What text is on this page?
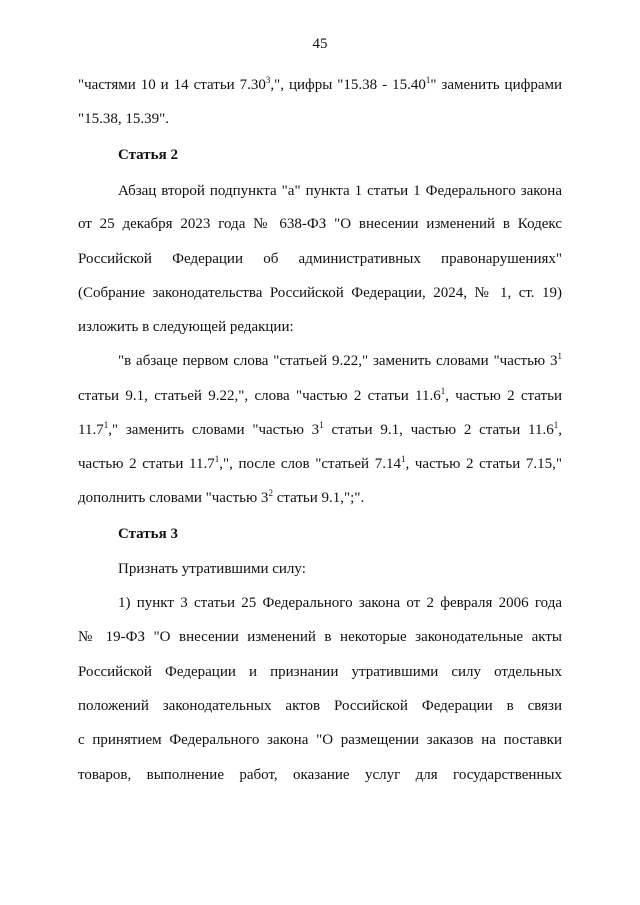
45
"частями 10 и 14 статьи 7.30$^3$,", цифры "15.38 - 15.40$^1$" заменить цифрами
"15.38, 15.39".
Статья 2
Абзац второй подпункта "а" пункта 1 статьи 1 Федерального закона
от 25 декабря 2023 года № 638-ФЗ "О внесении изменений в Кодекс
Российской Федерации об административных правонарушениях"
(Собрание законодательства Российской Федерации, 2024, № 1, ст. 19)
изложить в следующей редакции:
"в абзаце первом слова "статьей 9.22," заменить словами "частью $3^1$
статьи 9.1, статьей 9.22,", слова "частью 2 статьи 11.6$^1$, частью 2 статьи
11.7$^1$," заменить словами "частью $3^1$ статьи 9.1, частью 2 статьи 11.6$^1$,
частью 2 статьи 11.7$^1$,", после слов "статьей 7.14$^1$, частью 2 статьи 7.15,"
дополнить словами "частью $3^2$ статьи 9.1,";".
Статья 3
Признать утратившими силу:
1) пункт 3 статьи 25 Федерального закона от 2 февраля 2006 года
№ 19-ФЗ "О внесении изменений в некоторые законодательные акты
Российской Федерации и признании утратившими силу отдельных
положений законодательных актов Российской Федерации в связи
с принятием Федерального закона "О размещении заказов на поставки
товаров, выполнение работ, оказание услуг для государственных
